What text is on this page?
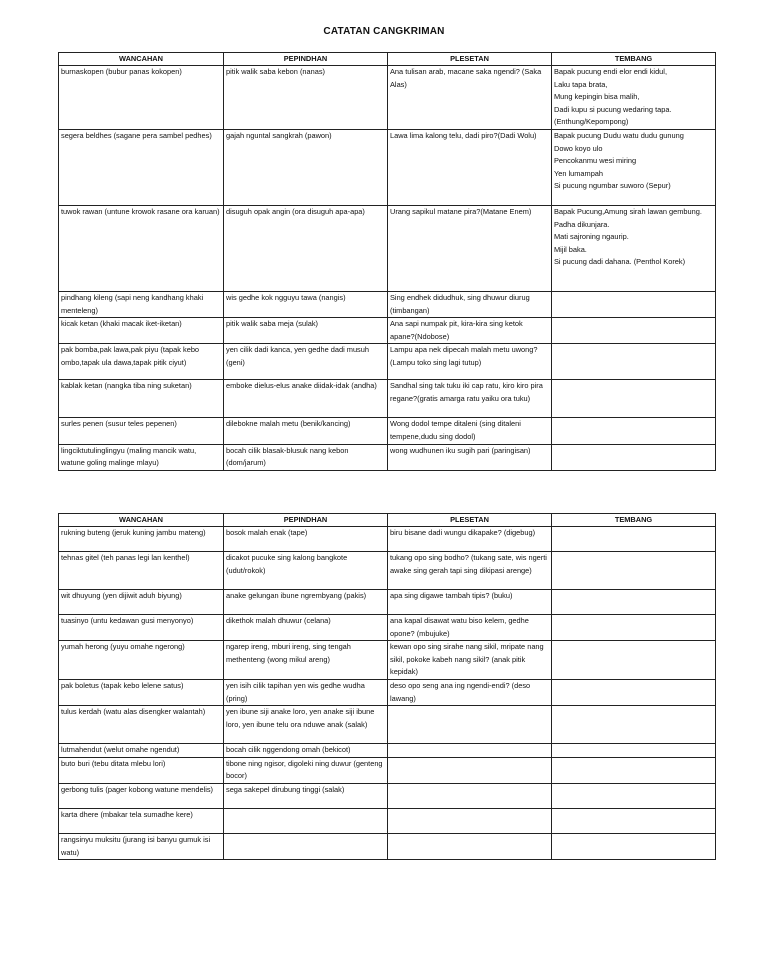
CATATAN CANGKRIMAN
WANCAHAN	PEPINDHAN	PLESETAN	TEMBANG
burnaskopen (bubur panas kokopen)	pitik walik saba kebon (nanas)	Ana tulisan arab, macane saka ngendi? (Saka Alas)	Bapak pucung endi elor endi kidul,
Laku tapa brata,
Mung kepingin bisa malih,
Dadi kupu si pucung wedaring tapa.
(Enthung/Kepompong)

segera beldhes (sagane pera sambel pedhes)	gajah nguntal sangkrah (pawon)	Lawa lima kalong telu, dadi piro?(Dadi Wolu)	Bapak pucung Dudu watu dudu gunung
Dowo koyo ulo
Pencokanmu wesi miring
Yen lumampah
Si pucung ngumbar suworo (Sepur)

tuwok rawan (untune krowok rasane ora karuan)	disuguh opak angin (ora disuguh apa-apa)	Urang sapikul matane pira?(Matane Enem)	Bapak Pucung,Amung sirah lawan gembung.
Padha dikunjara.
Mati sajroning ngaurip.
Mijil baka.
Si pucung dadi dahana. (Penthol Korek)

pindhang kileng (sapi neng kandhang khaki menteleng)	wis gedhe kok ngguyu tawa (nangis)	Sing endhek didudhuk, sing dhuwur diurug (timbangan)	
kicak ketan (khaki macak iket-iketan)	pitik walik saba meja (sulak)	Ana sapi numpak pit, kira-kira sing ketok apane?(Ndobose)	
pak bomba,pak lawa,pak piyu (tapak kebo ombo,tapak ula dawa,tapak pitik ciyut)	yen cilik dadi kanca, yen gedhe dadi musuh (geni)	Lampu apa nek dipecah malah metu uwong?(Lampu toko sing lagi tutup)	
kablak ketan (nangka tiba ning suketan)	emboke dielus-elus anake diidak-idak (andha)	Sandhal sing tak tuku iki cap ratu, kiro kiro pira regane?(gratis amarga ratu yaiku ora tuku)	
surles penen (susur teles pepenen)	dilebokne malah metu (benik/kancing)	Wong dodol tempe ditaleni (sing ditaleni tempene,dudu sing dodol)	
lingciktutulinglingyu (maling mancik watu, watune goling malinge mlayu)	bocah cilik blasak-blusuk nang kebon (dom/jarum)	wong wudhunen iku sugih pari (paringisan)	
WANCAHAN	PEPINDHAN	PLESETAN	TEMBANG
rukning buteng (jeruk kuning jambu mateng)	bosok malah enak (tape)	biru bisane dadi wungu dikapake? (digebug)	
tehnas gitel (teh panas legi lan kenthel)	dicakot pucuke sing kalong bangkote (udut/rokok)	tukang opo sing bodho? (tukang sate, wis ngerti awake sing gerah tapi sing dikipasi arenge)	
wit dhuyung (yen dijiwit aduh biyung)	anake gelungan ibune ngrembyang (pakis)	apa sing digawe tambah tipis? (buku)	
tuasinyo (untu kedawan gusi menyonyo)	dikethok malah dhuwur (celana)	ana kapal disawat watu biso kelem, gedhe opone? (mbujuke)	
yumah herong (yuyu omahe ngerong)	ngarep ireng, mburi ireng, sing tengah methenteng (wong mikul areng)	kewan opo sing sirahe nang sikil, mripate nang sikil, pokoke kabeh nang sikil? (anak pitik kepidak)	
pak boletus (tapak kebo lelene satus)	yen isih cilik tapihan yen wis gedhe wudha (pring)	deso opo seng ana ing ngendi-endi? (deso lawang)	
tulus kerdah (watu alas disengker walantah)	yen ibune siji anake loro, yen anake siji ibune loro, yen ibune telu ora nduwe anak (salak)		
lutmahendut (welut omahe ngendut)	bocah cilik nggendong omah (bekicot)		
buto buri (tebu ditata mlebu lori)	tibone ning ngisor, digoleki ning duwur (genteng bocor)		
gerbong tulis (pager kobong watune mendelis)	sega sakepel dirubung tinggi (salak)		
karta dhere (mbakar tela sumadhe kere)			
rangsinyu muksitu (jurang isi banyu gumuk isi watu)			
